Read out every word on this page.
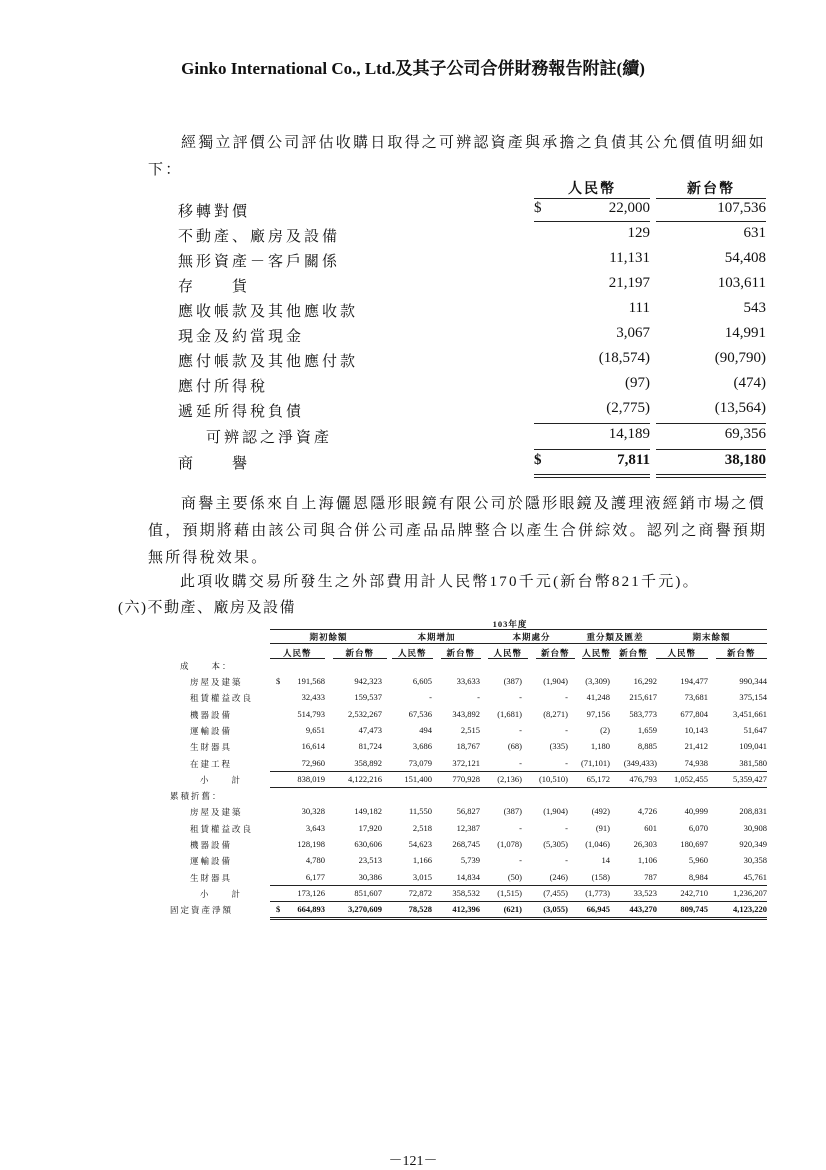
Ginko International Co., Ltd.及其子公司合併財務報告附註(續)
經獨立評價公司評估收購日取得之可辨認資產與承擔之負債其公允價值明細如下：
人民幣	新台幣
移轉對價	$	22,000	107,536
不動產、廠房及設備	129	631
無形資產－客戶關係	11,131	54,408
存　　貨	21,197	103,611
應收帳款及其他應收款	111	543
現金及約當現金	3,067	14,991
應付帳款及其他應付款	(18,574)	(90,790)
應付所得稅	(97)	(474)
遞延所得稅負債	(2,775)	(13,564)
可辨認之淨資產	14,189	69,356
商　　譽	$	7,811	38,180
商譽主要係來自上海儷恩隱形眼鏡有限公司於隱形眼鏡及護理液經銷市場之價值，預期將藉由該公司與合併公司產品品牌整合以產生合併綜效。認列之商譽預期無所得稅效果。
此項收購交易所發生之外部費用計人民幣170千元(新台幣821千元)。
(六)不動產、廠房及設備
103年度
期初餘額
人民幣	新台幣
本期增加
人民幣	新台幣
本期處分
人民幣	新台幣
重分類及匯差
人民幣 新台幣
期末餘額
人民幣	新台幣
成　　本：
$
房屋及建築	191,568	942,323	6,605	33,633	(387)	(1,904)	(3,309)	16,292	194,477	990,344
租賃權益改良	32,433	159,537	-	-	-	-	41,248	215,617	73,681	375,154
機器設備	514,793	2,532,267	67,536	343,892	(1,681)	(8,271)	97,156	583,773	677,804	3,451,661
運輸設備	9,651	47,473	494	2,515	-	-	(2)	1,659	10,143	51,647
生財器具	16,614	81,724	3,686	18,767	(68)	(335)	1,180	8,885	21,412	109,041
在建工程	72,960	358,892	73,079	372,121	-	-	(71,101)	(349,433)	74,938	381,580
小　　計	838,019	4,122,216	151,400	770,928	(2,136)	(10,510)	65,172	476,793	1,052,455	5,359,427
累積折舊：
房屋及建築	30,328	149,182	11,550	56,827	(387)	(1,904)	(492)	4,726	40,999	208,831
租賃權益改良	3,643	17,920	2,518	12,387	-	-	(91)	601	6,070	30,908
機器設備	128,198	630,606	54,623	268,745	(1,078)	(5,305)	(1,046)	26,303	180,697	920,349
運輸設備	4,780	23,513	1,166	5,739	-	-	14	1,106	5,960	30,358
生財器具	6,177	30,386	3,015	14,834	(50)	(246)	(158)	787	8,984	45,761
小　　計	173,126	851,607	72,872	358,532	(1,515)	(7,455)	(1,773)	33,523	242,710	1,236,207
固定資產淨額	$	664,893	3,270,609	78,528	412,396	(621)	(3,055)	66,945	443,270	809,745	4,123,220
－121－
